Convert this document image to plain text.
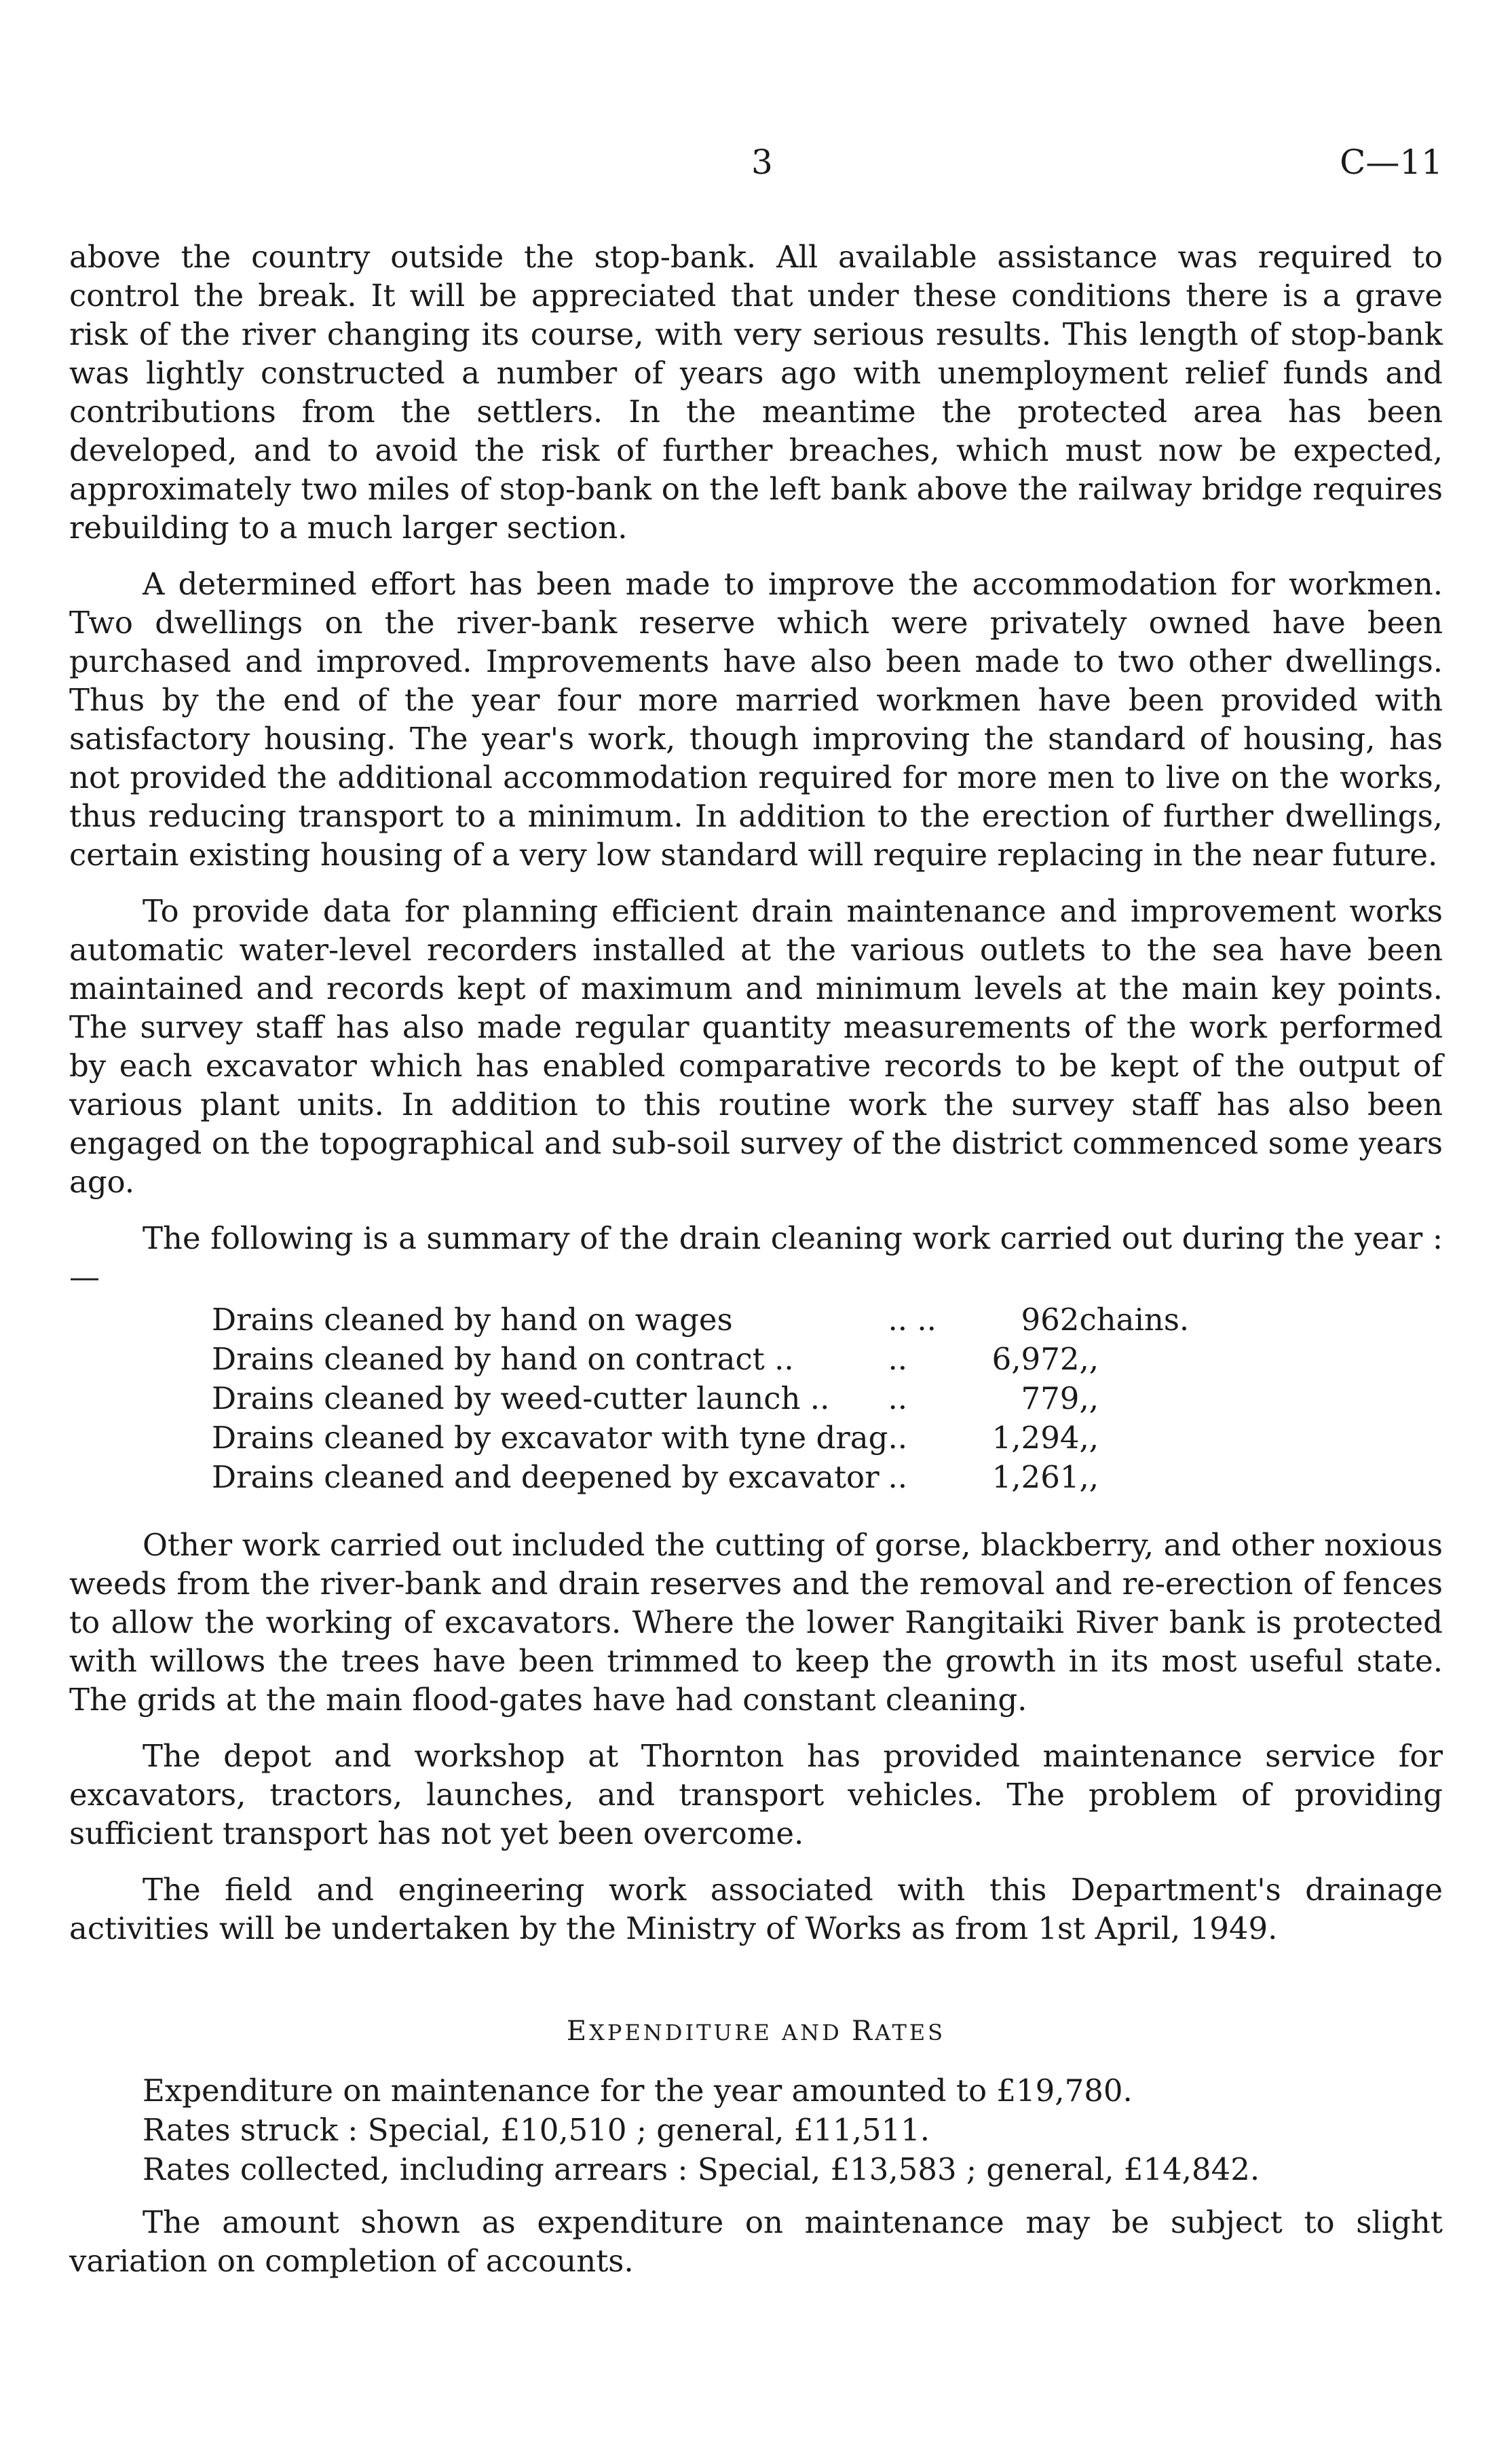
3	C—11

above the country outside the stop-bank. All available assistance was required to control the break. It will be appreciated that under these conditions there is a grave risk of the river changing its course, with very serious results. This length of stop-bank was lightly constructed a number of years ago with unemployment relief funds and contributions from the settlers. In the meantime the protected area has been developed, and to avoid the risk of further breaches, which must now be expected, approximately two miles of stop-bank on the left bank above the railway bridge requires rebuilding to a much larger section.

A determined effort has been made to improve the accommodation for workmen. Two dwellings on the river-bank reserve which were privately owned have been purchased and improved. Improvements have also been made to two other dwellings. Thus by the end of the year four more married workmen have been provided with satisfactory housing. The year's work, though improving the standard of housing, has not provided the additional accommodation required for more men to live on the works, thus reducing transport to a minimum. In addition to the erection of further dwellings, certain existing housing of a very low standard will require replacing in the near future.

To provide data for planning efficient drain maintenance and improvement works automatic water-level recorders installed at the various outlets to the sea have been maintained and records kept of maximum and minimum levels at the main key points. The survey staff has also made regular quantity measurements of the work performed by each excavator which has enabled comparative records to be kept of the output of various plant units. In addition to this routine work the survey staff has also been engaged on the topographical and sub-soil survey of the district commenced some years ago.

The following is a summary of the drain cleaning work carried out during the year :—

Drains cleaned by hand on wages	.. ..	962	chains.
Drains cleaned by hand on contract ..	..	6,972	,,
Drains cleaned by weed-cutter launch ..	..	779	,,
Drains cleaned by excavator with tyne drag	..	1,294	,,
Drains cleaned and deepened by excavator	..	1,261	,,

Other work carried out included the cutting of gorse, blackberry, and other noxious weeds from the river-bank and drain reserves and the removal and re-erection of fences to allow the working of excavators. Where the lower Rangitaiki River bank is protected with willows the trees have been trimmed to keep the growth in its most useful state. The grids at the main flood-gates have had constant cleaning.

The depot and workshop at Thornton has provided maintenance service for excavators, tractors, launches, and transport vehicles. The problem of providing sufficient transport has not yet been overcome.

The field and engineering work associated with this Department's drainage activities will be undertaken by the Ministry of Works as from 1st April, 1949.

EXPENDITURE AND RATES
Expenditure on maintenance for the year amounted to £19,780.
Rates struck : Special, £10,510 ; general, £11,511.
Rates collected, including arrears : Special, £13,583 ; general, £14,842.

The amount shown as expenditure on maintenance may be subject to slight variation on completion of accounts.
